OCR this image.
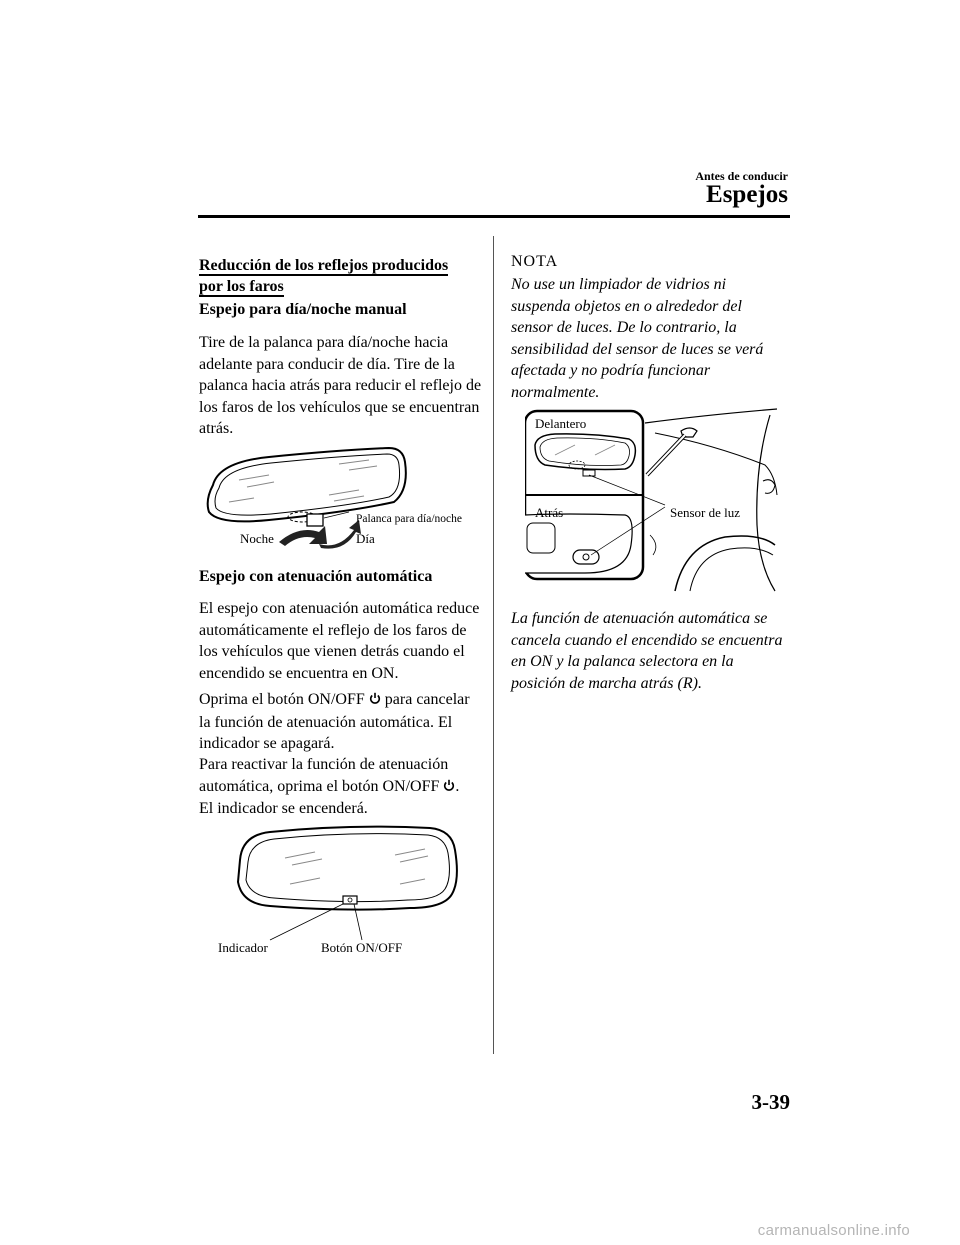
Antes de conducir
Espejos
Reducción de los reflejos producidos
por los faros
Espejo para día/noche manual
Tire de la palanca para día/noche hacia adelante para conducir de día. Tire de la palanca hacia atrás para reducir el reflejo de los faros de los vehículos que se encuentran atrás.
Palanca para día/noche
Noche	Día
Espejo con atenuación automática
El espejo con atenuación automática reduce automáticamente el reflejo de los faros de los vehículos que vienen detrás cuando el encendido se encuentra en ON.
Oprima el botón ON/OFF  para cancelar la función de atenuación automática. El indicador se apagará.
Para reactivar la función de atenuación automática, oprima el botón ON/OFF .
El indicador se encenderá.
Indicador	Botón ON/OFF
NOTA
No use un limpiador de vidrios ni suspenda objetos en o alrededor del sensor de luces. De lo contrario, la sensibilidad del sensor de luces se verá afectada y no podría funcionar normalmente.
Delantero
Atrás	Sensor de luz
La función de atenuación automática se cancela cuando el encendido se encuentra en ON y la palanca selectora en la posición de marcha atrás (R).
3-39
carmanualsonline.info
